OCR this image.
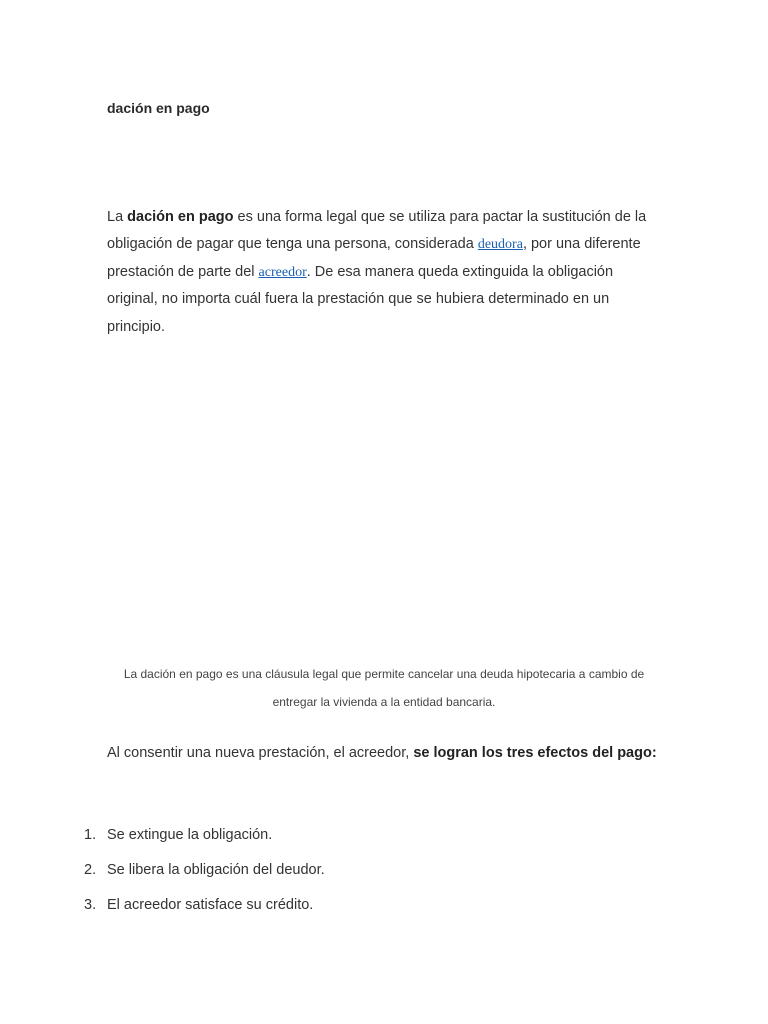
dación en pago

La dación en pago es una forma legal que se utiliza para pactar la sustitución de la obligación de pagar que tenga una persona, considerada deudora, por una diferente prestación de parte del acreedor. De esa manera queda extinguida la obligación original, no importa cuál fuera la prestación que se hubiera determinado en un principio.

La dación en pago es una cláusula legal que permite cancelar una deuda hipotecaria a cambio de entregar la vivienda a la entidad bancaria.

Al consentir una nueva prestación, el acreedor, se logran los tres efectos del pago:

1. Se extingue la obligación.
2. Se libera la obligación del deudor.
3. El acreedor satisface su crédito.
